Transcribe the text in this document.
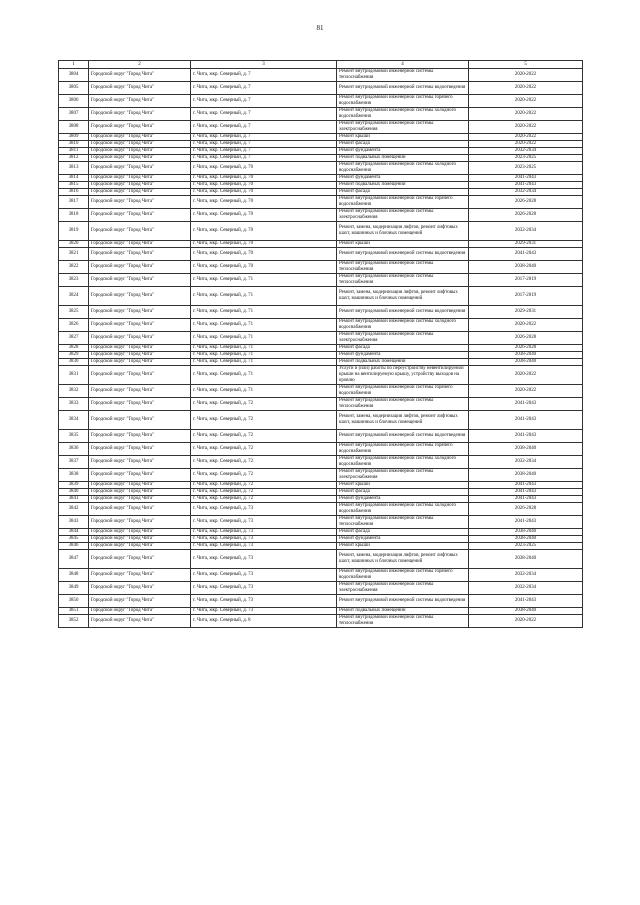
81
1	2	3	4	5
3804	Городской округ "Город Чита"	г. Чита, мкр. Северный, д. 7	Ремонт внутридомовой инженерной системы теплоснабжения	2020-2022
3805	Городской округ "Город Чита"	г. Чита, мкр. Северный, д. 7	Ремонт внутридомовой инженерной системы водоотведения	2020-2022
3806	Городской округ "Город Чита"	г. Чита, мкр. Северный, д. 7	Ремонт внутридомовой инженерной системы горячего водоснабжения	2020-2022
3807	Городской округ "Город Чита"	г. Чита, мкр. Северный, д. 7	Ремонт внутридомовой инженерной системы холодного водоснабжения	2020-2022
3808	Городской округ "Город Чита"	г. Чита, мкр. Северный, д. 7	Ремонт внутридомовой инженерной системы электроснабжения	2020-2022
3809	Городской округ "Город Чита"	г. Чита, мкр. Северный, д. 7	Ремонт крыши	2020-2022
3810	Городской округ "Город Чита"	г. Чита, мкр. Северный, д. 7	Ремонт фасада	2020-2022
3811	Городской округ "Город Чита"	г. Чита, мкр. Северный, д. 7	Ремонт фундамента	2032-2034
3812	Городской округ "Город Чита"	г. Чита, мкр. Северный, д. 7	Ремонт подвальных помещений	2023-2025
3813	Городской округ "Город Чита"	г. Чита, мкр. Северный, д. 70	Ремонт внутридомовой инженерной системы холодного водоснабжения	2023-2025
3814	Городской округ "Город Чита"	г. Чита, мкр. Северный, д. 70	Ремонт фундамента	2041-2043
3815	Городской округ "Город Чита"	г. Чита, мкр. Северный, д. 70	Ремонт подвальных помещений	2041-2043
3816	Городской округ "Город Чита"	г. Чита, мкр. Северный, д. 70	Ремонт фасада	2032-2034
3817	Городской округ "Город Чита"	г. Чита, мкр. Северный, д. 70	Ремонт внутридомовой инженерной системы горячего водоснабжения	2026-2028
3818	Городской округ "Город Чита"	г. Чита, мкр. Северный, д. 70	Ремонт внутридомовой инженерной системы электроснабжения	2026-2028
3819	Городской округ "Город Чита"	г. Чита, мкр. Северный, д. 70	Ремонт, замена, модернизация лифтов, ремонт лифтовых шахт, машинных и блочных помещений	2032-2034
3820	Городской округ "Город Чита"	г. Чита, мкр. Северный, д. 70	Ремонт крыши	2029-2031
3821	Городской округ "Город Чита"	г. Чита, мкр. Северный, д. 70	Ремонт внутридомовой инженерной системы водоотведения	2041-2043
3822	Городской округ "Город Чита"	г. Чита, мкр. Северный, д. 70	Ремонт внутридомовой инженерной системы теплоснабжения	2038-2040
3823	Городской округ "Город Чита"	г. Чита, мкр. Северный, д. 71	Ремонт внутридомовой инженерной системы теплоснабжения	2017-2019
3824	Городской округ "Город Чита"	г. Чита, мкр. Северный, д. 71	Ремонт, замена, модернизация лифтов, ремонт лифтовых шахт, машинных и блочных помещений	2017-2019
3825	Городской округ "Город Чита"	г. Чита, мкр. Северный, д. 71	Ремонт внутридомовой инженерной системы водоотведения	2029-2031
3826	Городской округ "Город Чита"	г. Чита, мкр. Северный, д. 71	Ремонт внутридомовой инженерной системы холодного водоснабжения	2020-2022
3827	Городской округ "Город Чита"	г. Чита, мкр. Северный, д. 71	Ремонт внутридомовой инженерной системы электроснабжения	2026-2028
3828	Городской округ "Город Чита"	г. Чита, мкр. Северный, д. 71	Ремонт фасада	2026-2028
3829	Городской округ "Город Чита"	г. Чита, мкр. Северный, д. 71	Ремонт фундамента	2038-2040
3830	Городской округ "Город Чита"	г. Чита, мкр. Северный, д. 71	Ремонт подвальных помещений	2038-2040
3831	Городской округ "Город Чита"	г. Чита, мкр. Северный, д. 71	Услуги и (или) работы по переустройству невентилируемой крыши на вентилируемую крышу, устройству выходов на кровлю	2020-2022
3832	Городской округ "Город Чита"	г. Чита, мкр. Северный, д. 71	Ремонт внутридомовой инженерной системы горячего водоснабжения	2020-2022
3833	Городской округ "Город Чита"	г. Чита, мкр. Северный, д. 72	Ремонт внутридомовой инженерной системы теплоснабжения	2041-2043
3834	Городской округ "Город Чита"	г. Чита, мкр. Северный, д. 72	Ремонт, замена, модернизация лифтов, ремонт лифтовых шахт, машинных и блочных помещений	2041-2043
3835	Городской округ "Город Чита"	г. Чита, мкр. Северный, д. 72	Ремонт внутридомовой инженерной системы водоотведения	2041-2043
3836	Городской округ "Город Чита"	г. Чита, мкр. Северный, д. 72	Ремонт внутридомовой инженерной системы горячего водоснабжения	2038-2040
3837	Городской округ "Город Чита"	г. Чита, мкр. Северный, д. 72	Ремонт внутридомовой инженерной системы холодного водоснабжения	2032-2034
3838	Городской округ "Город Чита"	г. Чита, мкр. Северный, д. 72	Ремонт внутридомовой инженерной системы электроснабжения	2038-2040
3839	Городской округ "Город Чита"	г. Чита, мкр. Северный, д. 72	Ремонт крыши	2041-2043
3840	Городской округ "Город Чита"	г. Чита, мкр. Северный, д. 72	Ремонт фасада	2041-2043
3841	Городской округ "Город Чита"	г. Чита, мкр. Северный, д. 72	Ремонт фундамента	2041-2043
3842	Городской округ "Город Чита"	г. Чита, мкр. Северный, д. 73	Ремонт внутридомовой инженерной системы холодного водоснабжения	2026-2028
3843	Городской округ "Город Чита"	г. Чита, мкр. Северный, д. 73	Ремонт внутридомовой инженерной системы теплоснабжения	2041-2043
3844	Городской округ "Город Чита"	г. Чита, мкр. Северный, д. 73	Ремонт фасада	2038-2040
3845	Городской округ "Город Чита"	г. Чита, мкр. Северный, д. 73	Ремонт фундамента	2038-2040
3846	Городской округ "Город Чита"	г. Чита, мкр. Северный, д. 73	Ремонт крыши	2023-2025
3847	Городской округ "Город Чита"	г. Чита, мкр. Северный, д. 73	Ремонт, замена, модернизация лифтов, ремонт лифтовых шахт, машинных и блочных помещений	2038-2040
3848	Городской округ "Город Чита"	г. Чита, мкр. Северный, д. 73	Ремонт внутридомовой инженерной системы горячего водоснабжения	2032-2034
3849	Городской округ "Город Чита"	г. Чита, мкр. Северный, д. 73	Ремонт внутридомовой инженерной системы электроснабжения	2032-2034
3850	Городской округ "Город Чита"	г. Чита, мкр. Северный, д. 73	Ремонт внутридомовой инженерной системы водоотведения	2041-2043
3851	Городской округ "Город Чита"	г. Чита, мкр. Северный, д. 73	Ремонт подвальных помещений	2038-2040
3852	Городской округ "Город Чита"	г. Чита, мкр. Северный, д. 8	Ремонт внутридомовой инженерной системы теплоснабжения	2020-2022
